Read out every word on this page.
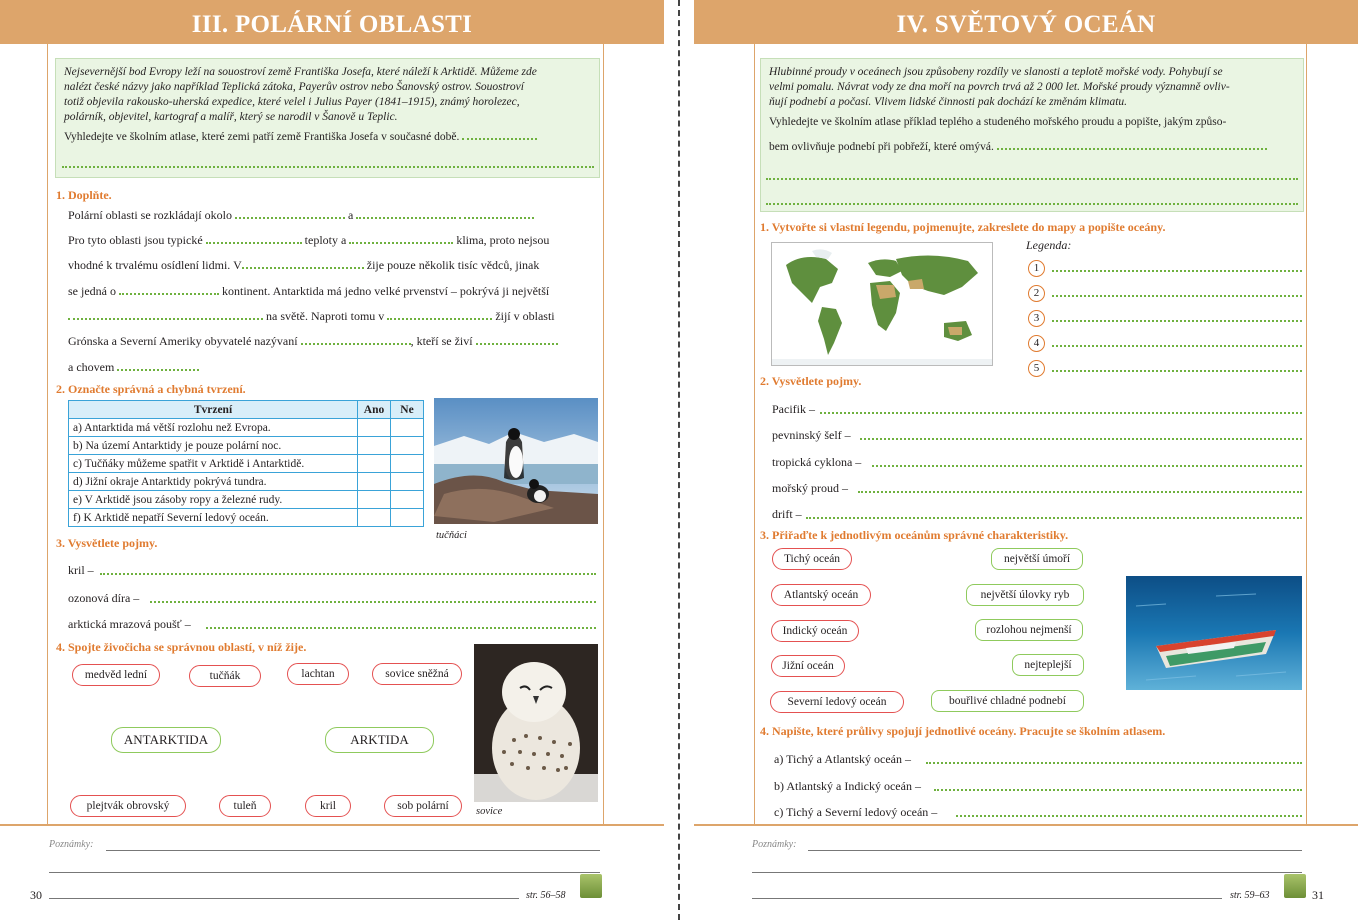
III. POLÁRNÍ OBLASTI
Nejsevernější bod Evropy leží na souostroví země Františka Josefa, které náleží k Arktidě. Můžeme zde
nalézt české názvy jako například Teplická zátoka, Payerův ostrov nebo Šanovský ostrov. Souostroví
totiž objevila rakousko-uherská expedice, které velel i Julius Payer (1841–1915), známý horolezec,
polárník, objevitel, kartograf a malíř, který se narodil v Šanově u Teplic.
Vyhledejte ve školním atlase, které zemi patří země Františka Josefa v současné době.
1. Doplňte.
Polární oblasti se rozkládají okolo	a
Pro tyto oblasti jsou typické	teploty a	klima, proto nejsou
vhodné k trvalému osídlení lidmi. V	žije pouze několik tisíc vědců, jinak
se jedná o	kontinent. Antarktida má jedno velké prvenství – pokrývá ji největší
na světě. Naproti tomu v	žijí v oblasti
Grónska a Severní Ameriky obyvatelé nazývaní	, kteří se živí
a chovem
2. Označte správná a chybná tvrzení.
Tvrzení	Ano	Ne
a) Antarktida má větší rozlohu než Evropa.		
b) Na území Antarktidy je pouze polární noc.		
c) Tučňáky můžeme spatřit v Arktidě i Antarktidě.		
d) Jižní okraje Antarktidy pokrývá tundra.		
e) V Arktidě jsou zásoby ropy a železné rudy.		
f) K Arktidě nepatří Severní ledový oceán.		
tučňáci
3. Vysvětlete pojmy.
kril –
ozonová díra –
arktická mrazová poušť –
4. Spojte živočicha se správnou oblastí, v níž žije.
medvěd lední	tučňák	lachtan	sovice sněžná
ANTARKTIDA	ARKTIDA
plejtvák obrovský	tuleň	kril	sob polární	sovice
Poznámky:
30	str. 56–58
IV. SVĚTOVÝ OCEÁN
Hlubinné proudy v oceánech jsou způsobeny rozdíly ve slanosti a teplotě mořské vody. Pohybují se
velmi pomalu. Návrat vody ze dna moří na povrch trvá až 2 000 let. Mořské proudy významně ovliv-
ňují podnebí a počasí. Vlivem lidské činnosti pak dochází ke změnám klimatu.
Vyhledejte ve školním atlase příklad teplého a studeného mořského proudu a popište, jakým způso-
bem ovlivňuje podnebí při pobřeží, které omývá.
1. Vytvořte si vlastní legendu, pojmenujte, zakreslete do mapy a popište oceány.
Legenda:
1
2
3
4
5
2. Vysvětlete pojmy.
Pacifik –
pevninský šelf –
tropická cyklona –
mořský proud –
drift –
3. Přiřaďte k jednotlivým oceánům správné charakteristiky.
Tichý oceán
Atlantský oceán
Indický oceán
Jižní oceán
Severní ledový oceán
největší úmoří
největší úlovky ryb
rozlohou nejmenší
nejteplejší
bouřlivé chladné podnebí
4. Napište, které průlivy spojují jednotlivé oceány. Pracujte se školním atlasem.
a) Tichý a Atlantský oceán –
b) Atlantský a Indický oceán –
c) Tichý a Severní ledový oceán –
Poznámky:
str. 59–63	31
